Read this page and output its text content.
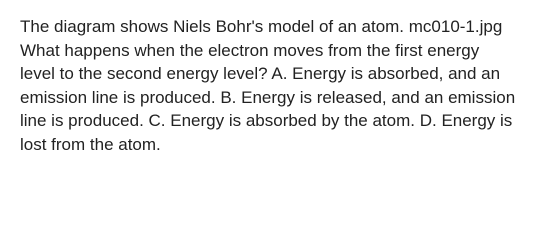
The diagram shows Niels Bohr's model of an atom. mc010-1.jpg
What happens when the electron moves from the first energy
level to the second energy level? A. Energy is absorbed, and an
emission line is produced. B. Energy is released, and an emission
line is produced. C. Energy is absorbed by the atom. D. Energy is
lost from the atom.
